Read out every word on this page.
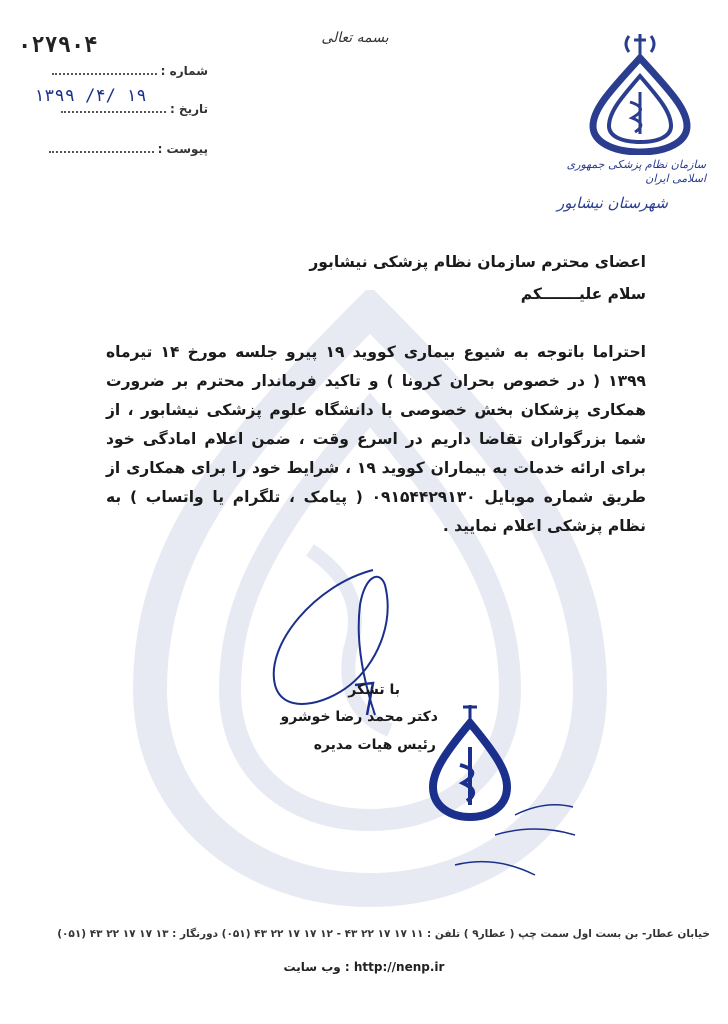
بسمه تعالی
۰۲۷۹۰۴
شماره :
تاریخ :
پیوست :
۱۳۹۹ /۴/ ۱۹
سازمان نظام پزشکی جمهوری اسلامی ایران
شهرستان نیشابور
اعضای محترم سازمان نظام پزشکی نیشابور
سلام علیـــــــکم
احتراما باتوجه به شیوع بیماری کووید ۱۹ پیرو جلسه مورخ ۱۴ تیرماه ۱۳۹۹ ( در خصوص بحران کرونا ) و تاکید فرماندار محترم بر ضرورت همکاری پزشکان بخش خصوصی با دانشگاه علوم پزشکی نیشابور ، از شما بزرگواران تقاضا داریم در اسرع وقت ، ضمن اعلام امادگی خود برای ارائه خدمات به بیماران کووید ۱۹ ، شرایط خود را برای همکاری از طریق شماره موبایل ۰۹۱۵۴۴۲۹۱۳۰ ( پیامک ، تلگرام یا واتساب ) به نظام پزشکی اعلام نمایید .
با تشکر
دکتر محمد رضا خوشرو
رئیس هیات مدیره
خیابان عطار- بن بست اول سمت چپ ( عطار۹ ) تلفن : ۱۱ ۱۷ ۱۷ ۲۲ ۴۳ - ۱۲ ۱۷ ۱۷ ۲۲ ۴۳ (۰۵۱) دورنگار : ۱۳ ۱۷ ۱۷ ۲۲ ۴۳ (۰۵۱)
http://nenp.ir : وب سایت
